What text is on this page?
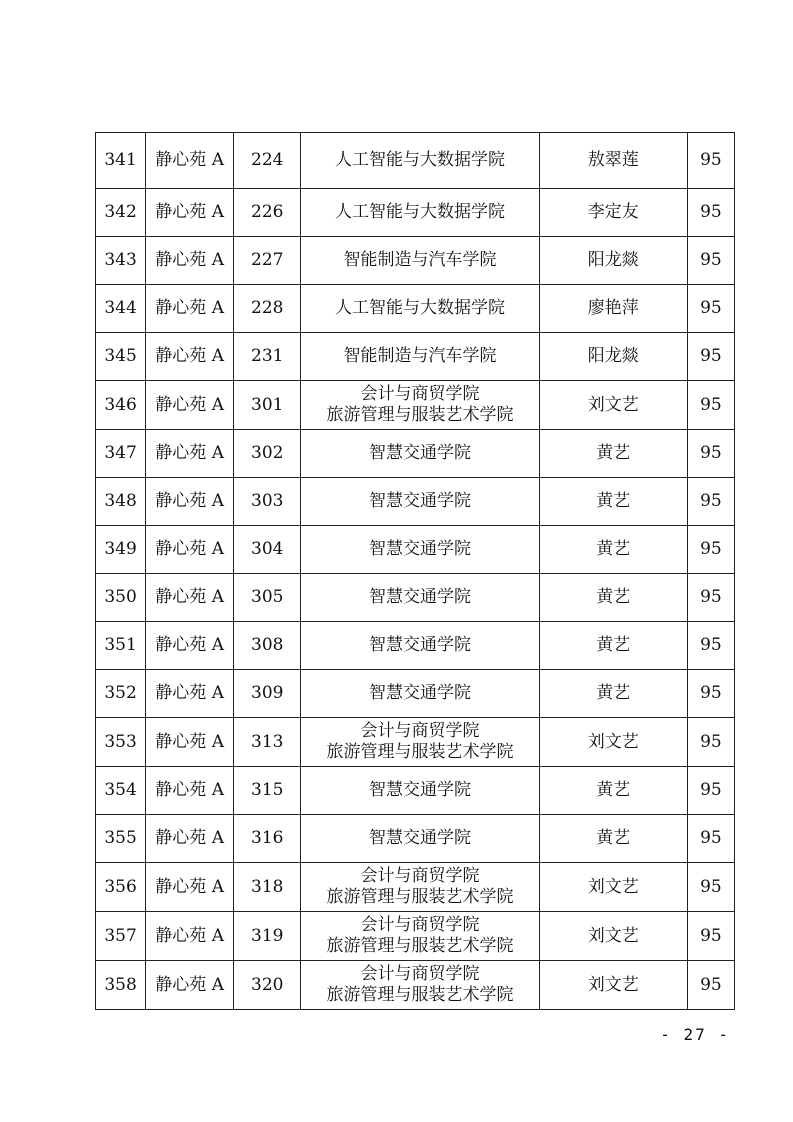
341	静心苑 A	224	人工智能与大数据学院	敖翠莲	95
342	静心苑 A	226	人工智能与大数据学院	李定友	95
343	静心苑 A	227	智能制造与汽车学院	阳龙燚	95
344	静心苑 A	228	人工智能与大数据学院	廖艳萍	95
345	静心苑 A	231	智能制造与汽车学院	阳龙燚	95
346	静心苑 A	301	会计与商贸学院
旅游管理与服装艺术学院	刘文艺	95
347	静心苑 A	302	智慧交通学院	黄艺	95
348	静心苑 A	303	智慧交通学院	黄艺	95
349	静心苑 A	304	智慧交通学院	黄艺	95
350	静心苑 A	305	智慧交通学院	黄艺	95
351	静心苑 A	308	智慧交通学院	黄艺	95
352	静心苑 A	309	智慧交通学院	黄艺	95
353	静心苑 A	313	会计与商贸学院
旅游管理与服装艺术学院	刘文艺	95
354	静心苑 A	315	智慧交通学院	黄艺	95
355	静心苑 A	316	智慧交通学院	黄艺	95
356	静心苑 A	318	会计与商贸学院
旅游管理与服装艺术学院	刘文艺	95
357	静心苑 A	319	会计与商贸学院
旅游管理与服装艺术学院	刘文艺	95
358	静心苑 A	320	会计与商贸学院
旅游管理与服装艺术学院	刘文艺	95
- 27 -
